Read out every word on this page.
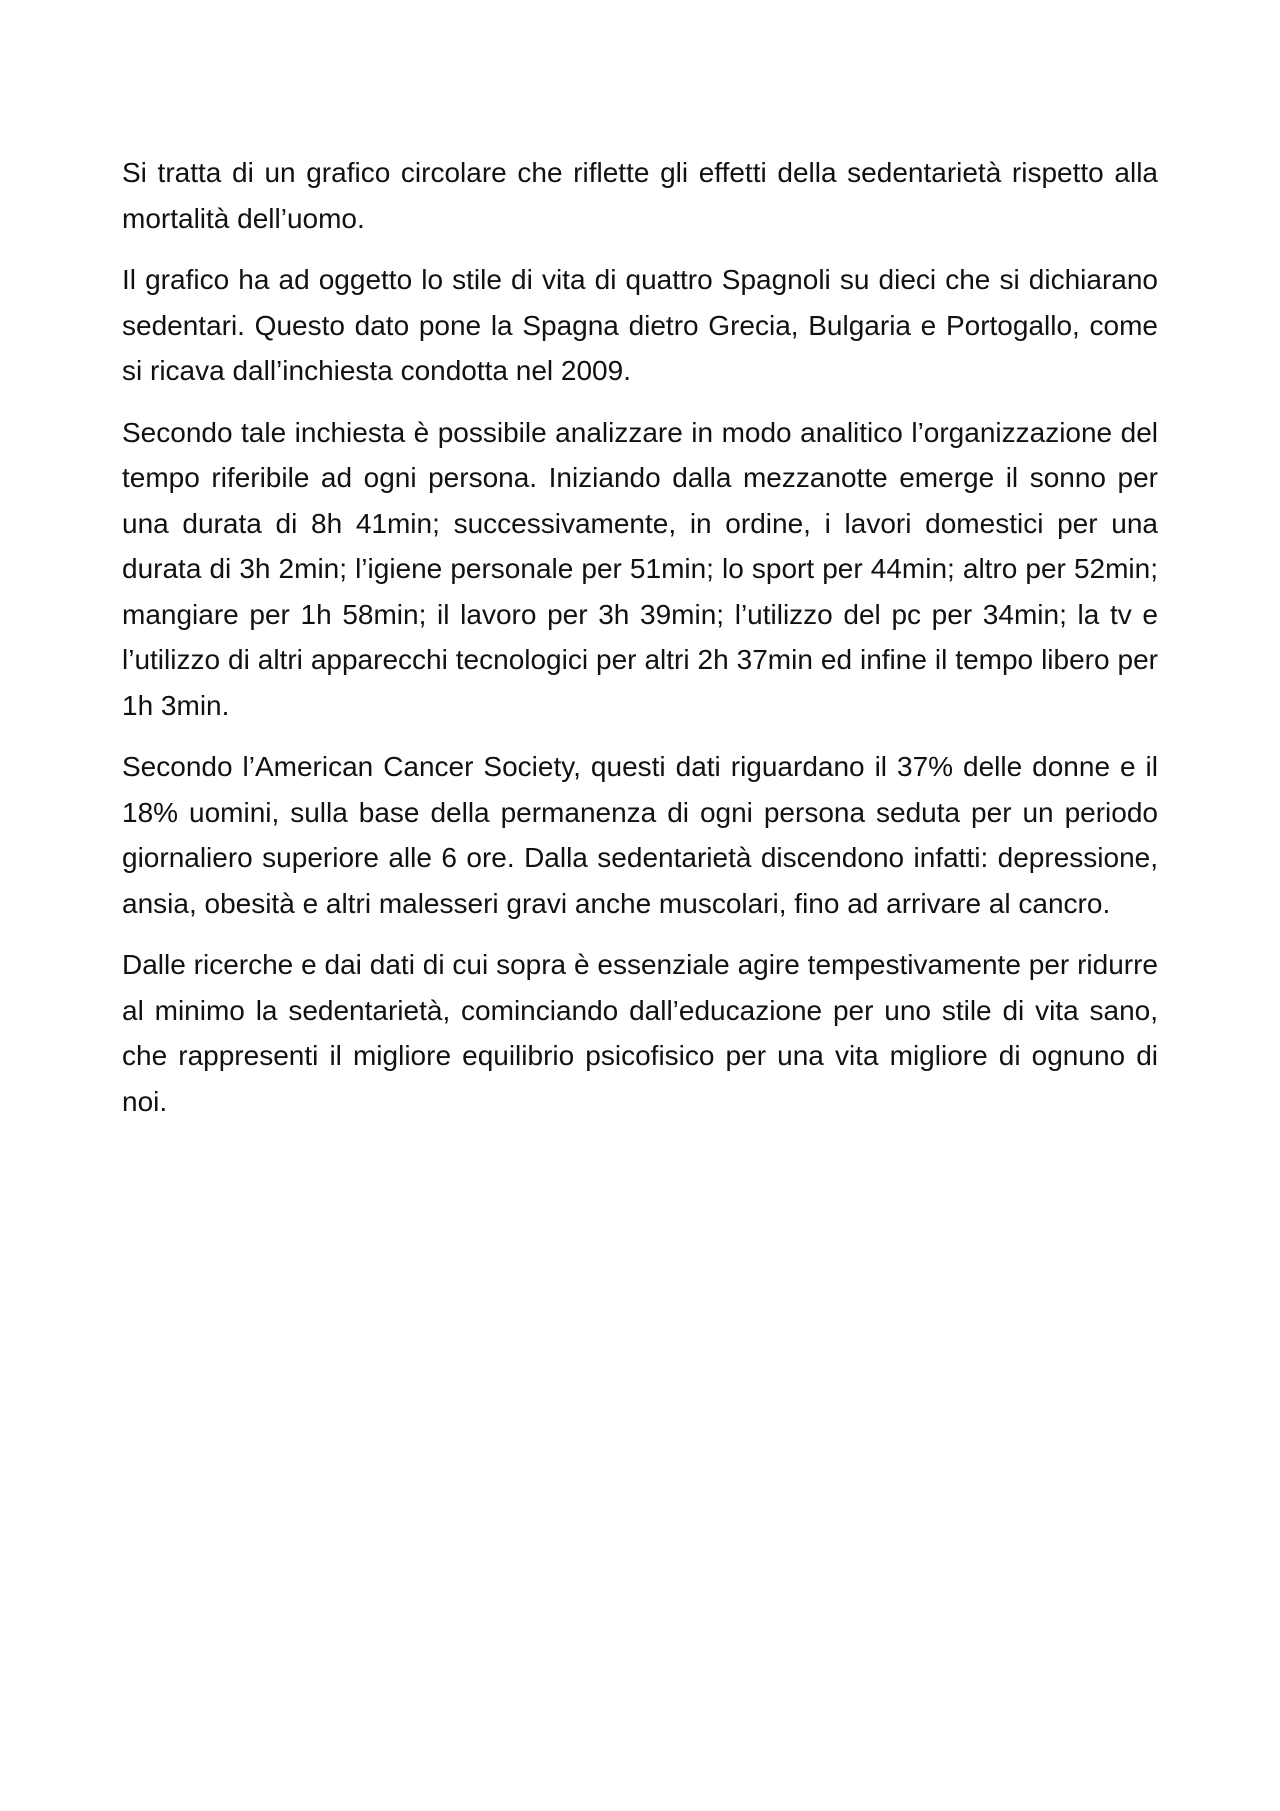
Si tratta di un grafico circolare che riflette gli effetti della sedentarietà rispetto alla mortalità dell’uomo.

Il grafico ha ad oggetto lo stile di vita di quattro Spagnoli su dieci che si dichiarano sedentari. Questo dato pone la Spagna dietro Grecia, Bulgaria e Portogallo, come si ricava dall’inchiesta condotta nel 2009.

Secondo tale inchiesta è possibile analizzare in modo analitico l’organizzazione del tempo riferibile ad ogni persona. Iniziando dalla mezzanotte emerge il sonno per una durata di 8h 41min; successivamente, in ordine, i lavori domestici per una durata di 3h 2min; l’igiene personale per 51min; lo sport per 44min; altro per 52min; mangiare per 1h 58min; il lavoro per 3h 39min; l’utilizzo del pc per 34min; la tv e l’utilizzo di altri apparecchi tecnologici per altri 2h 37min ed infine il tempo libero per 1h 3min.

Secondo l’American Cancer Society, questi dati riguardano il 37% delle donne e il 18% uomini, sulla base della permanenza di ogni persona seduta per un periodo giornaliero superiore alle 6 ore. Dalla sedentarietà discendono infatti: depressione, ansia, obesità e altri malesseri gravi anche muscolari, fino ad arrivare al cancro.

Dalle ricerche e dai dati di cui sopra è essenziale agire tempestivamente per ridurre al minimo la sedentarietà, cominciando dall’educazione per uno stile di vita sano, che rappresenti il migliore equilibrio psicofisico per una vita migliore di ognuno di noi.
